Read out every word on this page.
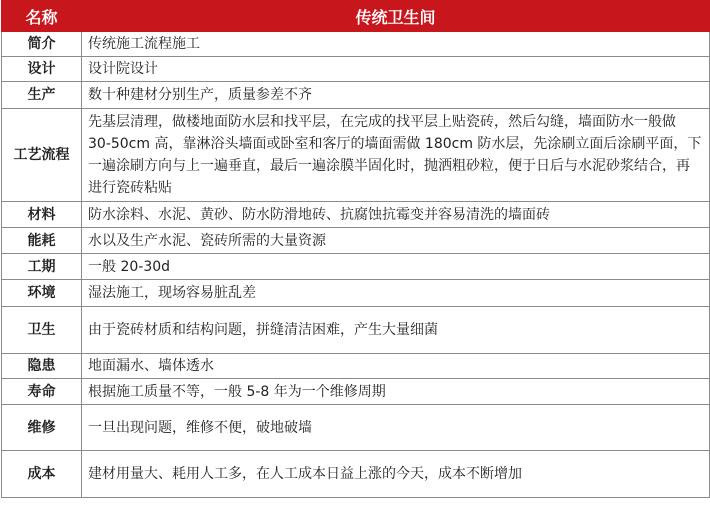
名称	传统卫生间
简介	传统施工流程施工
设计	设计院设计
生产	数十种建材分别生产，质量参差不齐
工艺流程	先基层清理，做楼地面防水层和找平层，在完成的找平层上贴瓷砖，然后勾缝，墙面防水一般做 30-50cm 高，靠淋浴头墙面或卧室和客厅的墙面需做 180cm 防水层，先涂刷立面后涂刷平面，下一遍涂刷方向与上一遍垂直，最后一遍涂膜半固化时，抛洒粗砂粒，便于日后与水泥砂浆结合，再进行瓷砖粘贴
材料	防水涂料、水泥、黄砂、防水防滑地砖、抗腐蚀抗霉变并容易清洗的墙面砖
能耗	水以及生产水泥、瓷砖所需的大量资源
工期	一般 20-30d
环境	湿法施工，现场容易脏乱差
卫生	由于瓷砖材质和结构问题，拼缝清洁困难，产生大量细菌
隐患	地面漏水、墙体透水
寿命	根据施工质量不等，一般 5-8 年为一个维修周期
维修	一旦出现问题，维修不便，破地破墙
成本	建材用量大、耗用人工多，在人工成本日益上涨的今天，成本不断增加
